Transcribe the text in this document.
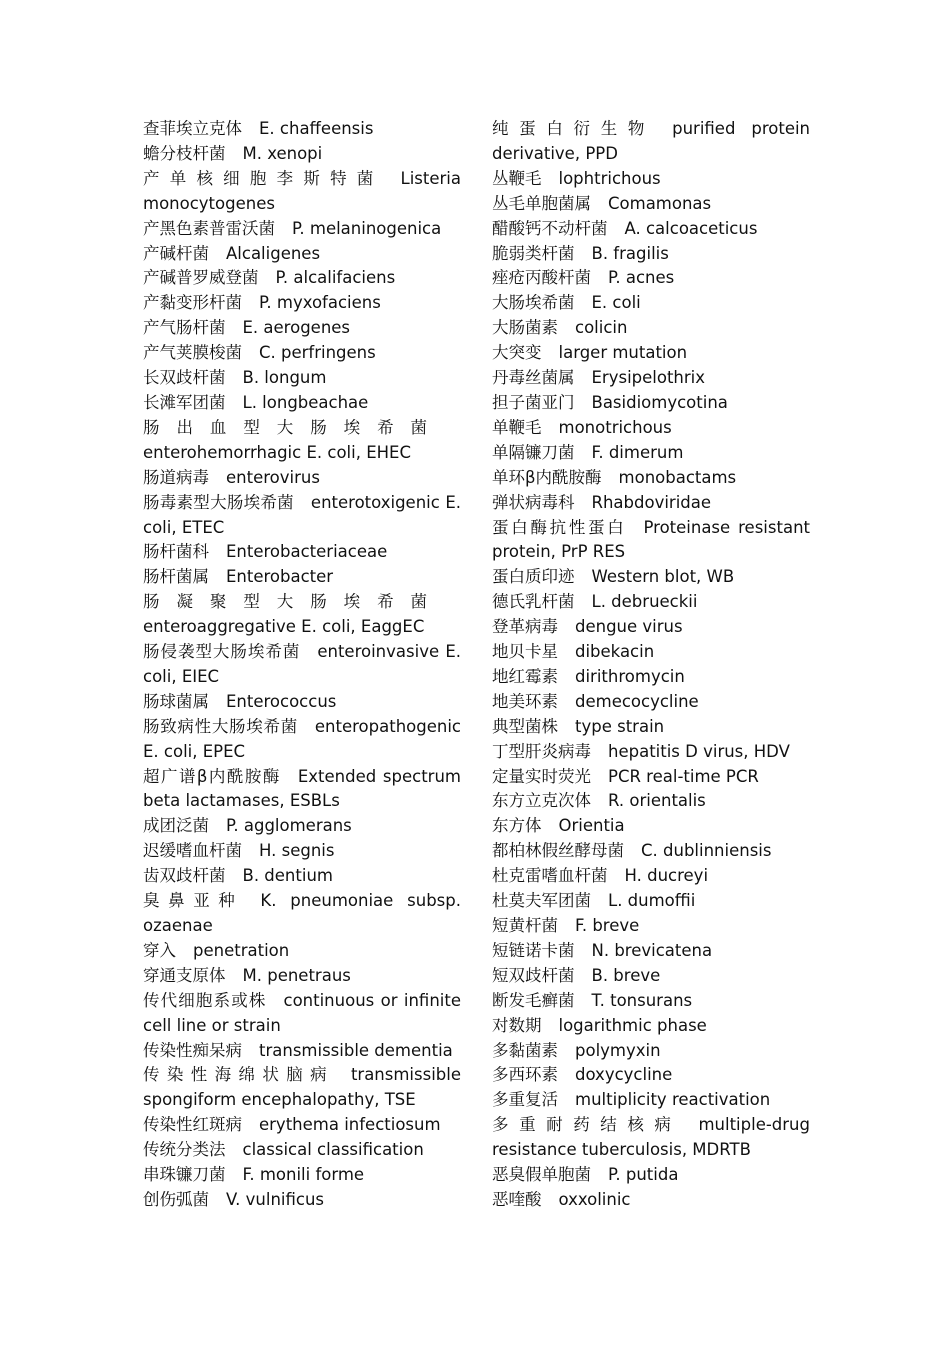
查菲埃立克体 E. chaffeensis

蟾分枝杆菌 M. xenopi

产单核细胞李斯特菌 Listeria monocytogenes

产黑色素普雷沃菌 P. melaninogenica

产碱杆菌 Alcaligenes

产碱普罗威登菌 P. alcalifaciens

产黏变形杆菌 P. myxofaciens

产气肠杆菌 E. aerogenes

产气荚膜梭菌 C. perfringens

长双歧杆菌 B. longum

长滩军团菌 L. longbeachae

肠出血型大肠埃希菌enterohemorrhagic E. coli, EHEC

肠道病毒 enterovirus

肠毒素型大肠埃希菌 enterotoxigenic E. coli, ETEC

肠杆菌科 Enterobacteriaceae

肠杆菌属 Enterobacter

肠凝聚型大肠埃希菌enteroaggregative E. coli, EaggEC

肠侵袭型大肠埃希菌 enteroinvasive E. coli, EIEC

肠球菌属 Enterococcus

肠致病性大肠埃希菌 enteropathogenic E. coli, EPEC

超广谱β内酰胺酶 Extended spectrum beta lactamases, ESBLs

成团泛菌 P. agglomerans

迟缓嗜血杆菌 H. segnis

齿双歧杆菌 B. dentium

臭鼻亚种 K. pneumoniae subsp. ozaenae

穿入 penetration

穿通支原体 M. penetraus

传代细胞系或株 continuous or infinite cell line or strain

传染性痴呆病 transmissible dementia

传染性海绵状脑病 transmissible spongiform encephalopathy, TSE

传染性红斑病 erythema infectiosum

传统分类法 classical classification

串珠镰刀菌 F. monili forme

创伤弧菌 V. vulnificus

纯蛋白衍生物 purified protein derivative, PPD

丛鞭毛 lophtrichous

丛毛单胞菌属 Comamonas

醋酸钙不动杆菌 A. calcoaceticus

脆弱类杆菌 B. fragilis

痤疮丙酸杆菌 P. acnes

大肠埃希菌 E. coli

大肠菌素 colicin

大突变 larger mutation

丹毒丝菌属 Erysipelothrix

担子菌亚门 Basidiomycotina

单鞭毛 monotrichous

单隔镰刀菌 F. dimerum

单环β内酰胺酶 monobactams

弹状病毒科 Rhabdoviridae

蛋白酶抗性蛋白 Proteinase resistant protein, PrP RES

蛋白质印迹 Western blot, WB

德氏乳杆菌 L. debrueckii

登革病毒 dengue virus

地贝卡星 dibekacin

地红霉素 dirithromycin

地美环素 demecocycline

典型菌株 type strain

丁型肝炎病毒 hepatitis D virus, HDV

定量实时荧光 PCR real-time PCR

东方立克次体 R. orientalis

东方体 Orientia

都柏林假丝酵母菌 C. dublinniensis

杜克雷嗜血杆菌 H. ducreyi

杜莫夫军团菌 L. dumoffii

短黄杆菌 F. breve

短链诺卡菌 N. brevicatena

短双歧杆菌 B. breve

断发毛癣菌 T. tonsurans

对数期 logarithmic phase

多黏菌素 polymyxin

多西环素 doxycycline

多重复活 multiplicity reactivation

多重耐药结核病 multiple-drug resistance tuberculosis, MDRTB

恶臭假单胞菌 P. putida

恶喹酸 oxxolinic
